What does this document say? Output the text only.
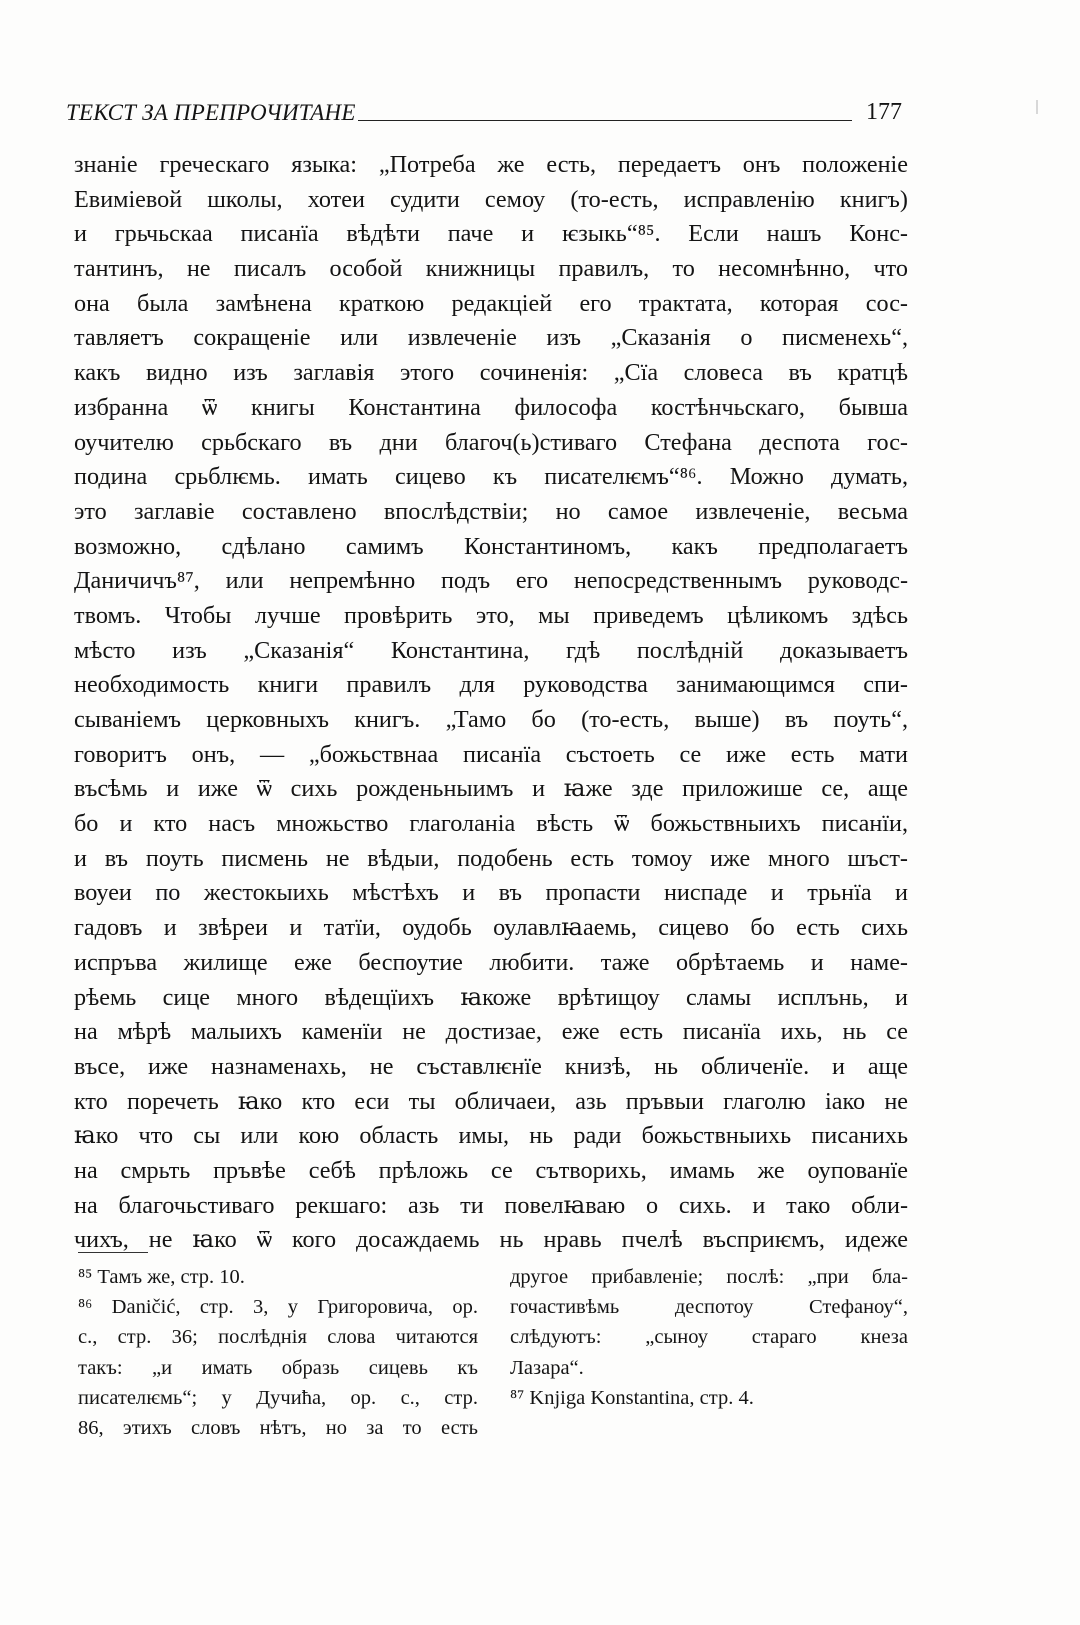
ТЕКСТ ЗА ПРЕПРОЧИТАНЕ	177
знаніе греческаго языка: „Потреба же есть, передаетъ онъ положеніе
Евиміевой школы, хотеи судити семоу (то-есть, исправленію книгъ)
и грьчьскаа писанїа вѣдѣти паче и ѥзыкь“⁸⁵. Если нашъ Конс-
тантинъ, не писалъ особой книжницы правилъ, то несомнѣнно, что
она была замѣнена краткою редакціей его трактата, которая сос-
тавляетъ сокращеніе или извлеченіе изъ „Сказанія о писменехь“,
какъ видно изъ заглавія этого сочиненія: „Сїа словеса въ кратцѣ
избранна ѿ книгы Константина философа костѣнчьскаго, бывша
оучителю срьбскаго въ дни благоч(ь)стиваго Стефана деспота гос-
подина срьблѥмь. имать сицево къ писателѥмъ“⁸⁶. Можно думать,
это заглавіе составлено впослѣдствіи; но самое извлеченіе, весьма
возможно, сдѣлано самимъ Константиномъ, какъ предполагаетъ
Даничичъ⁸⁷, или непремѣнно подъ его непосредственнымъ руководс-
твомъ. Чтобы лучше провѣрить это, мы приведемъ цѣликомъ здѣсь
мѣсто изъ „Сказанія“ Константина, гдѣ послѣдній доказываетъ
необходимость книги правилъ для руководства занимающимся спи-
сываніемъ церковныхъ книгъ. „Тамо бо (то-есть, выше) въ поуть“,
говоритъ онъ, — „божьствнаа писанїа състоеть се иже есть мати
въсѣмь и иже ѿ сихь рожденьныимъ и ꙗже зде приложише се, аще
бо и кто насъ множьство глаголаніа вѣсть ѿ божьствныихъ писанїи,
и въ поуть писмень не вѣдыи, подобень есть томоу иже много шъст-
воуеи по жестокыихь мѣстѣхъ и въ пропасти ниспаде и трьнїа и
гадовъ и звѣреи и татїи, оудобь оулавлꙗаемь, сицево бо есть сихь
испръва жилище еже беспоутие любити. таже обрѣтаемь и наме-
рѣемь сице много вѣдещїихъ ꙗкоже врѣтищоу сламы исплънь, и
на мѣрѣ малыихъ каменїи не достизае, еже есть писанїа ихь, нь се
въсе, иже назнаменахь, не съставлѥнїе книзѣ, нь обличенїе. и аще
кто поречеть ꙗко кто еси ты обличаеи, азь пръвыи глаголю іако не
ꙗко что сы или кою область имы, нь ради божьствныихь писаниxь
на смрьть пръвѣе себѣ прѣложь се сътворихь, имамь же оупованїе
на благочьстиваго рекшаго: азь ти повелꙗваю о сихь. и тако обли-
чихъ, не ꙗко ѿ кого досаждаемь нь нравь пчелѣ въсприѥмъ, идеже
⁸⁵ Тамъ же, стр. 10.
⁸⁶ Daničić, стр. 3, у Григоровича, op.
c., стр. 36; послѣднія слова читаются
такъ: „и имать образь сицевь къ
писателѥмь“; у Дучића, op. c., стр.
86, этихъ словъ нѣтъ, но за то есть
другое прибавленіе; послѣ: „при бла-
гочастивѣмь деспотоу Стефаноу“,
слѣдуютъ: „сыноу стараго кнеза
Лазара“.
⁸⁷ Knjiga Konstantina, стр. 4.
